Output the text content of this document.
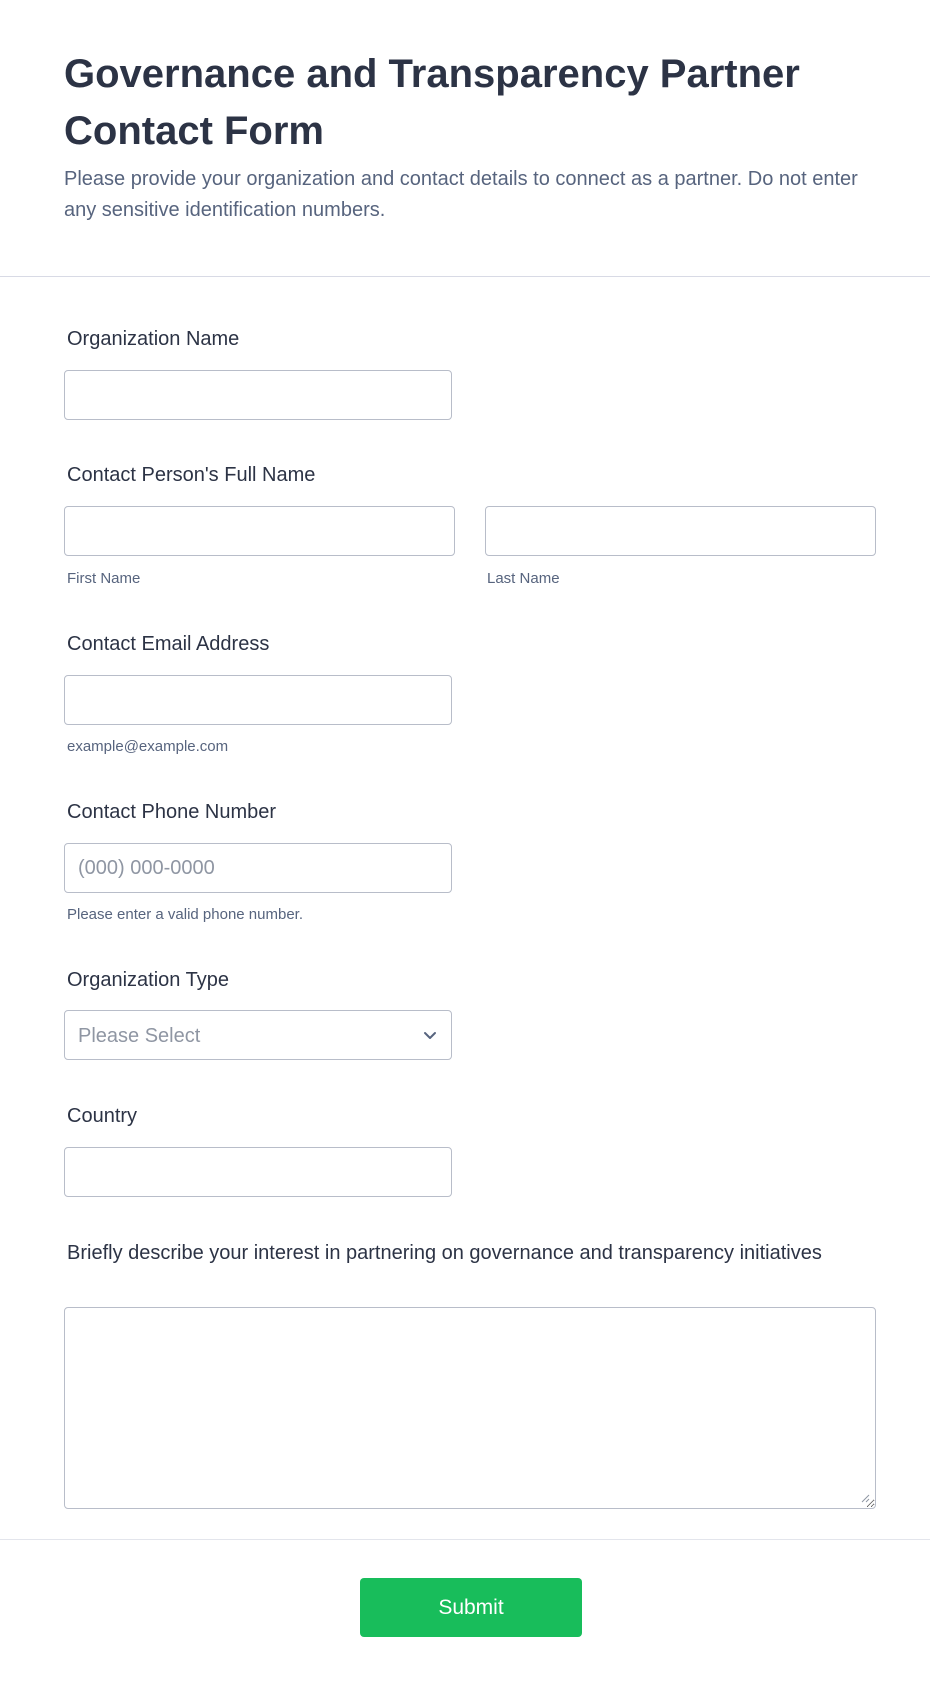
Governance and Transparency Partner Contact Form

Please provide your organization and contact details to connect as a partner. Do not enter any sensitive identification numbers.

Organization Name
Contact Person's Full Name

First Name	Last Name

Contact Email Address

example@example.com

Contact Phone Number
(000) 000-0000

Please enter a valid phone number.

Organization Type
Please Select
Country
Briefly describe your interest in partnering on governance and transparency initiatives
Submit
